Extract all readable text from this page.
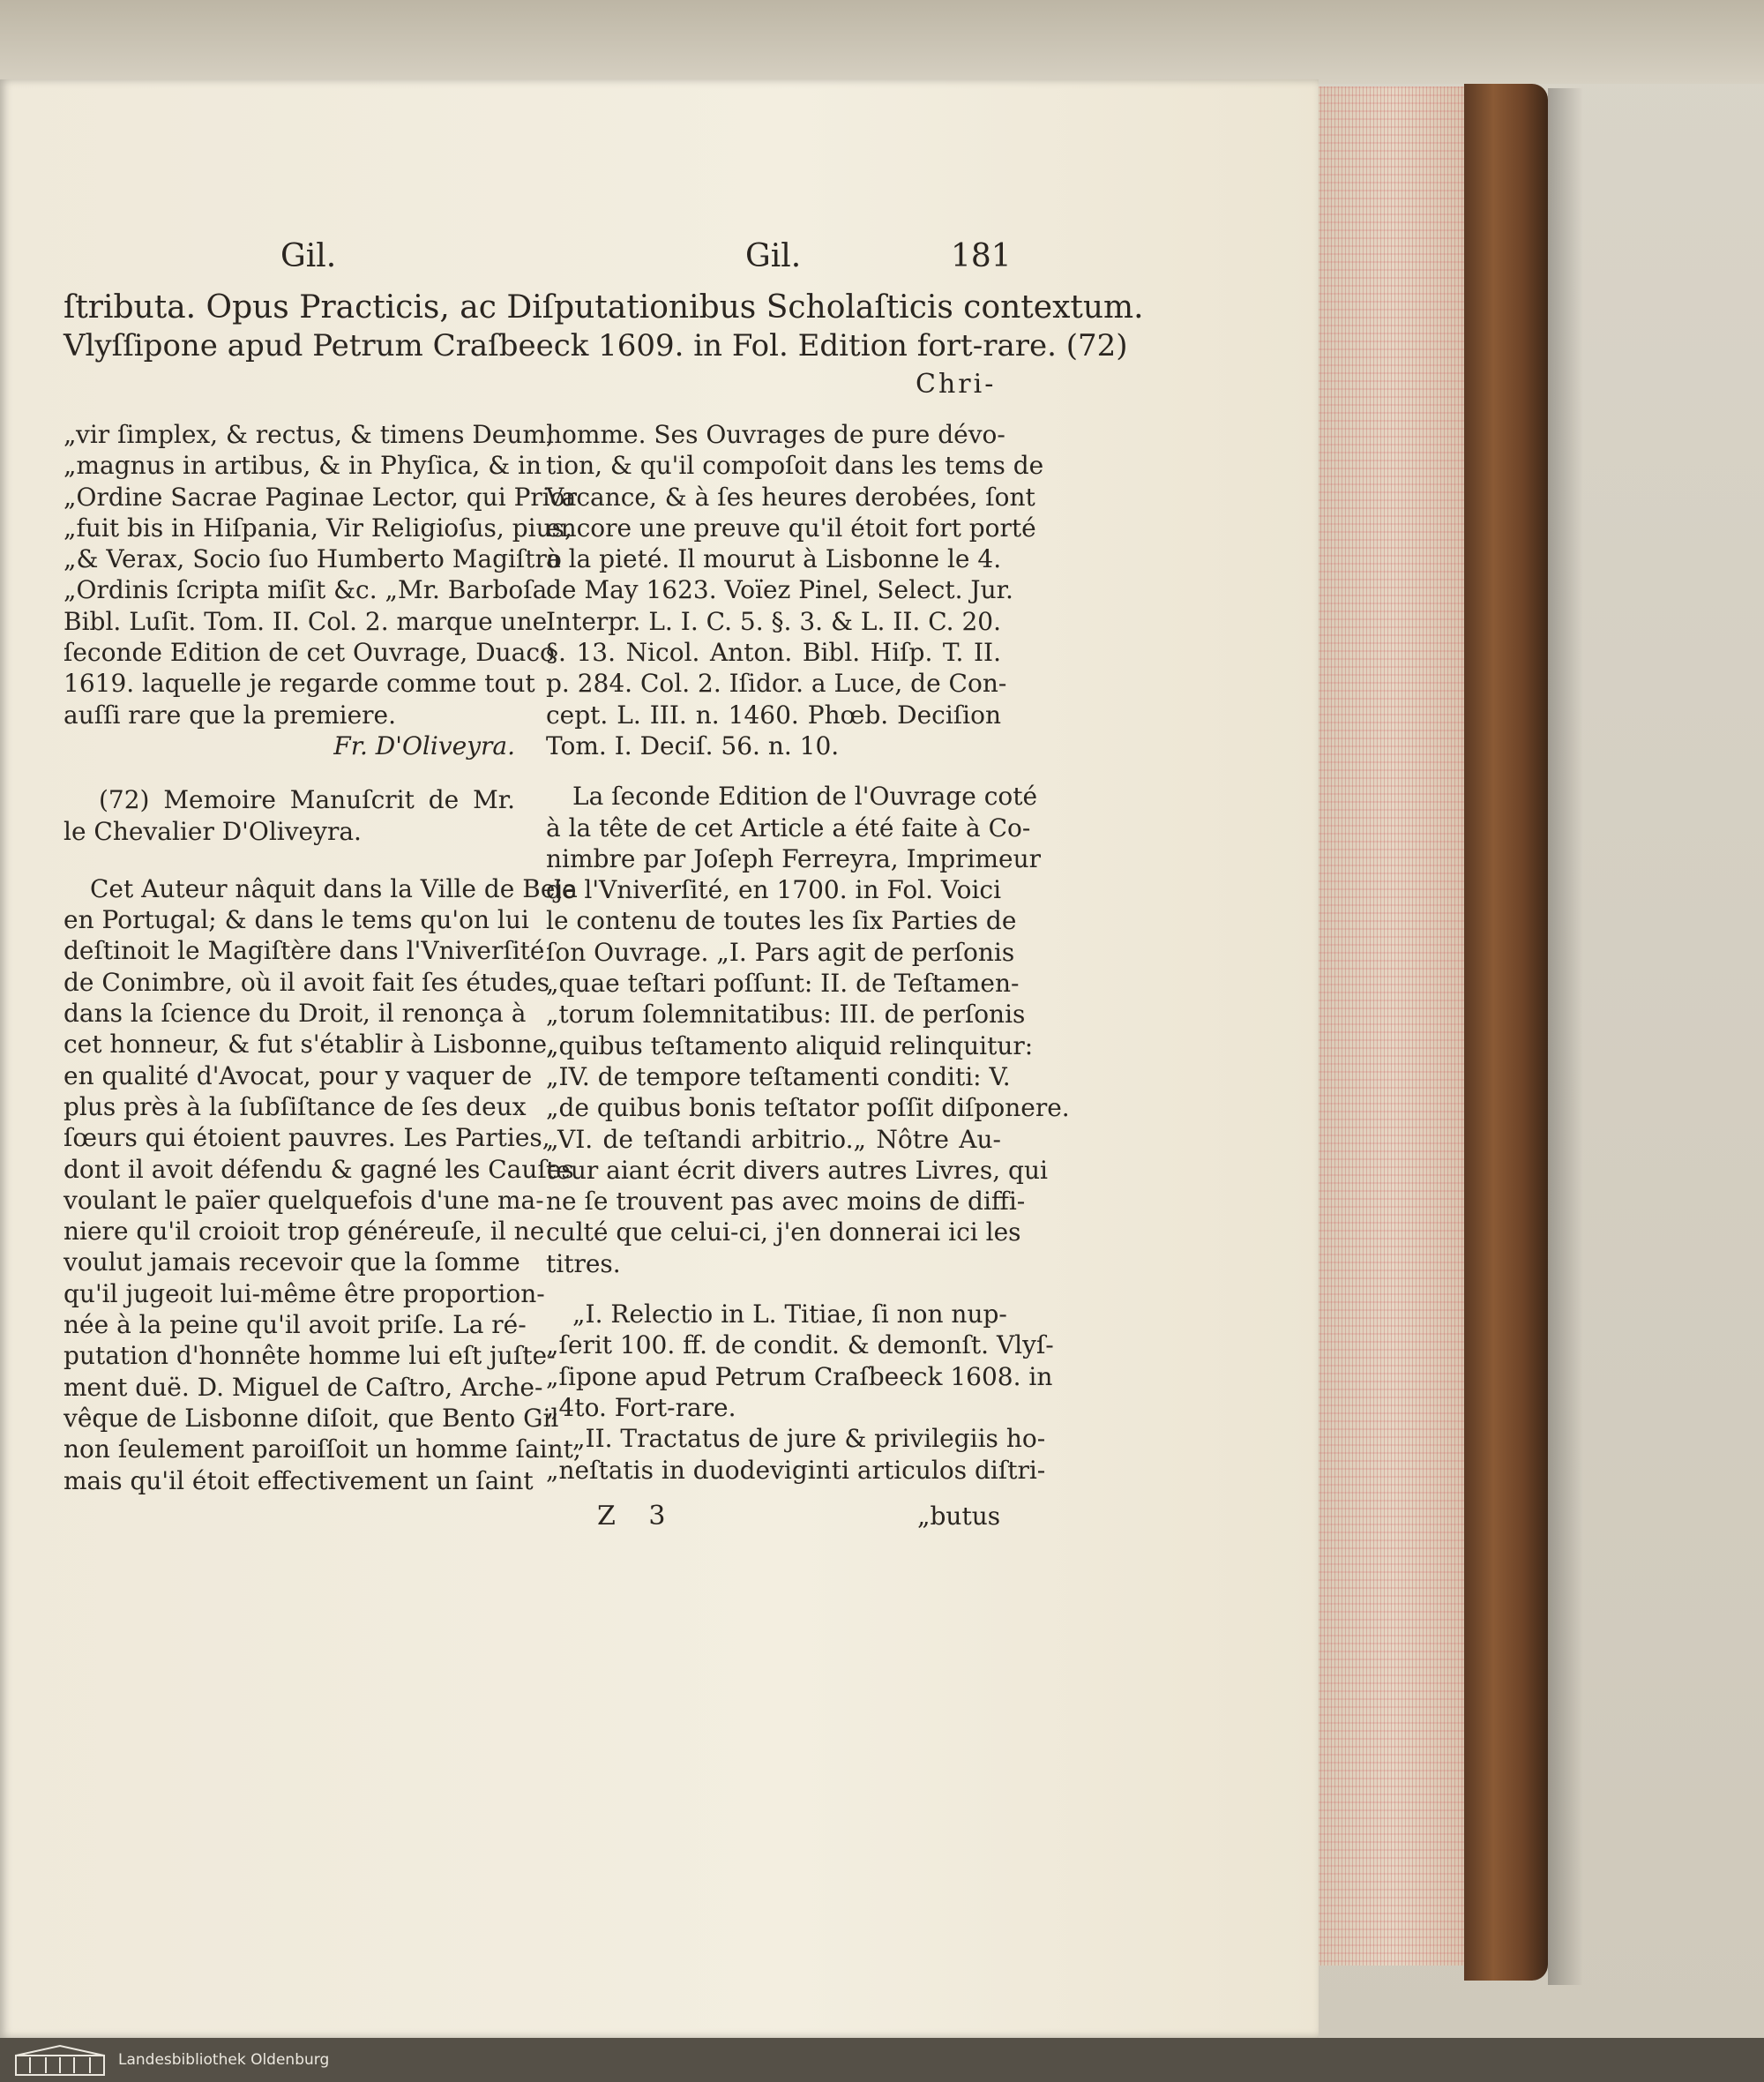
Gil.	Gil.	181
ſtributa. Opus Practicis, ac Diſputationibus Scholaſticis contextum.
Vlyſſipone apud Petrum Craſbeeck 1609. in Fol. Edition fort-rare. (72)
Chri-
„vir ſimplex, & rectus, & timens Deum,
„magnus in artibus, & in Phyſica, & in
„Ordine Sacrae Paginae Lector, qui Prior
„fuit bis in Hiſpania, Vir Religioſus, pius,
„& Verax, Socio ſuo Humberto Magiſtro
„Ordinis ſcripta miſit &c. „Mr. Barboſa
Bibl. Luſit. Tom. II. Col. 2. marque une
ſeconde Edition de cet Ouvrage, Duaco
1619. laquelle je regarde comme tout
auſſi rare que la premiere.
Fr. D'Oliveyra.
(72) Memoire Manuſcrit de Mr.
le Chevalier D'Oliveyra.
Cet Auteur nâquit dans la Ville de Beja
en Portugal; & dans le tems qu'on lui
deſtinoit le Magiſtère dans l'Vniverſité
de Conimbre, où il avoit fait ſes études
dans la ſcience du Droit, il renonça à
cet honneur, & fut s'établir à Lisbonne,
en qualité d'Avocat, pour y vaquer de
plus près à la ſubſiſtance de ſes deux
ſœurs qui étoient pauvres. Les Parties,
dont il avoit défendu & gagné les Cauſes
voulant le païer quelquefois d'une ma-
niere qu'il croioit trop généreuſe, il ne
voulut jamais recevoir que la ſomme
qu'il jugeoit lui-même être proportion-
née à la peine qu'il avoit priſe. La ré-
putation d'honnête homme lui eſt juſte-
ment duë. D. Miguel de Caſtro, Arche-
vêque de Lisbonne diſoit, que Bento Gil
non ſeulement paroiſſoit un homme ſaint,
mais qu'il étoit effectivement un ſaint
homme. Ses Ouvrages de pure dévo-
tion, & qu'il compoſoit dans les tems de
Vacance, & à ſes heures derobées, ſont
encore une preuve qu'il étoit fort porté
à la pieté. Il mourut à Lisbonne le 4.
de May 1623. Voïez Pinel, Select. Jur.
Interpr. L. I. C. 5. §. 3. & L. II. C. 20.
§. 13. Nicol. Anton. Bibl. Hiſp. T. II.
p. 284. Col. 2. Iſidor. a Luce, de Con-
cept. L. III. n. 1460. Phœb. Deciſion
Tom. I. Deciſ. 56. n. 10.
La ſeconde Edition de l'Ouvrage coté
à la tête de cet Article a été faite à Co-
nimbre par Joſeph Ferreyra, Imprimeur
de l'Vniverſité, en 1700. in Fol. Voici
le contenu de toutes les ſix Parties de
ſon Ouvrage. „I. Pars agit de perſonis
„quae teſtari poſſunt: II. de Teſtamen-
„torum ſolemnitatibus: III. de perſonis
„quibus teſtamento aliquid relinquitur:
„IV. de tempore teſtamenti conditi: V.
„de quibus bonis teſtator poſſit diſponere.
„VI. de teſtandi arbitrio.„ Nôtre Au-
teur aiant écrit divers autres Livres, qui
ne ſe trouvent pas avec moins de diffi-
culté que celui-ci, j'en donnerai ici les
titres.
„I. Relectio in L. Titiae, ſi non nup-
„ſerit 100. ff. de condit. & demonſt. Vlyſ-
„ſipone apud Petrum Craſbeeck 1608. in
„4to. Fort-rare.
„II. Tractatus de jure & privilegiis ho-
„neſtatis in duodeviginti articulos diſtri-
Z 3	„butus
Landesbibliothek Oldenburg
